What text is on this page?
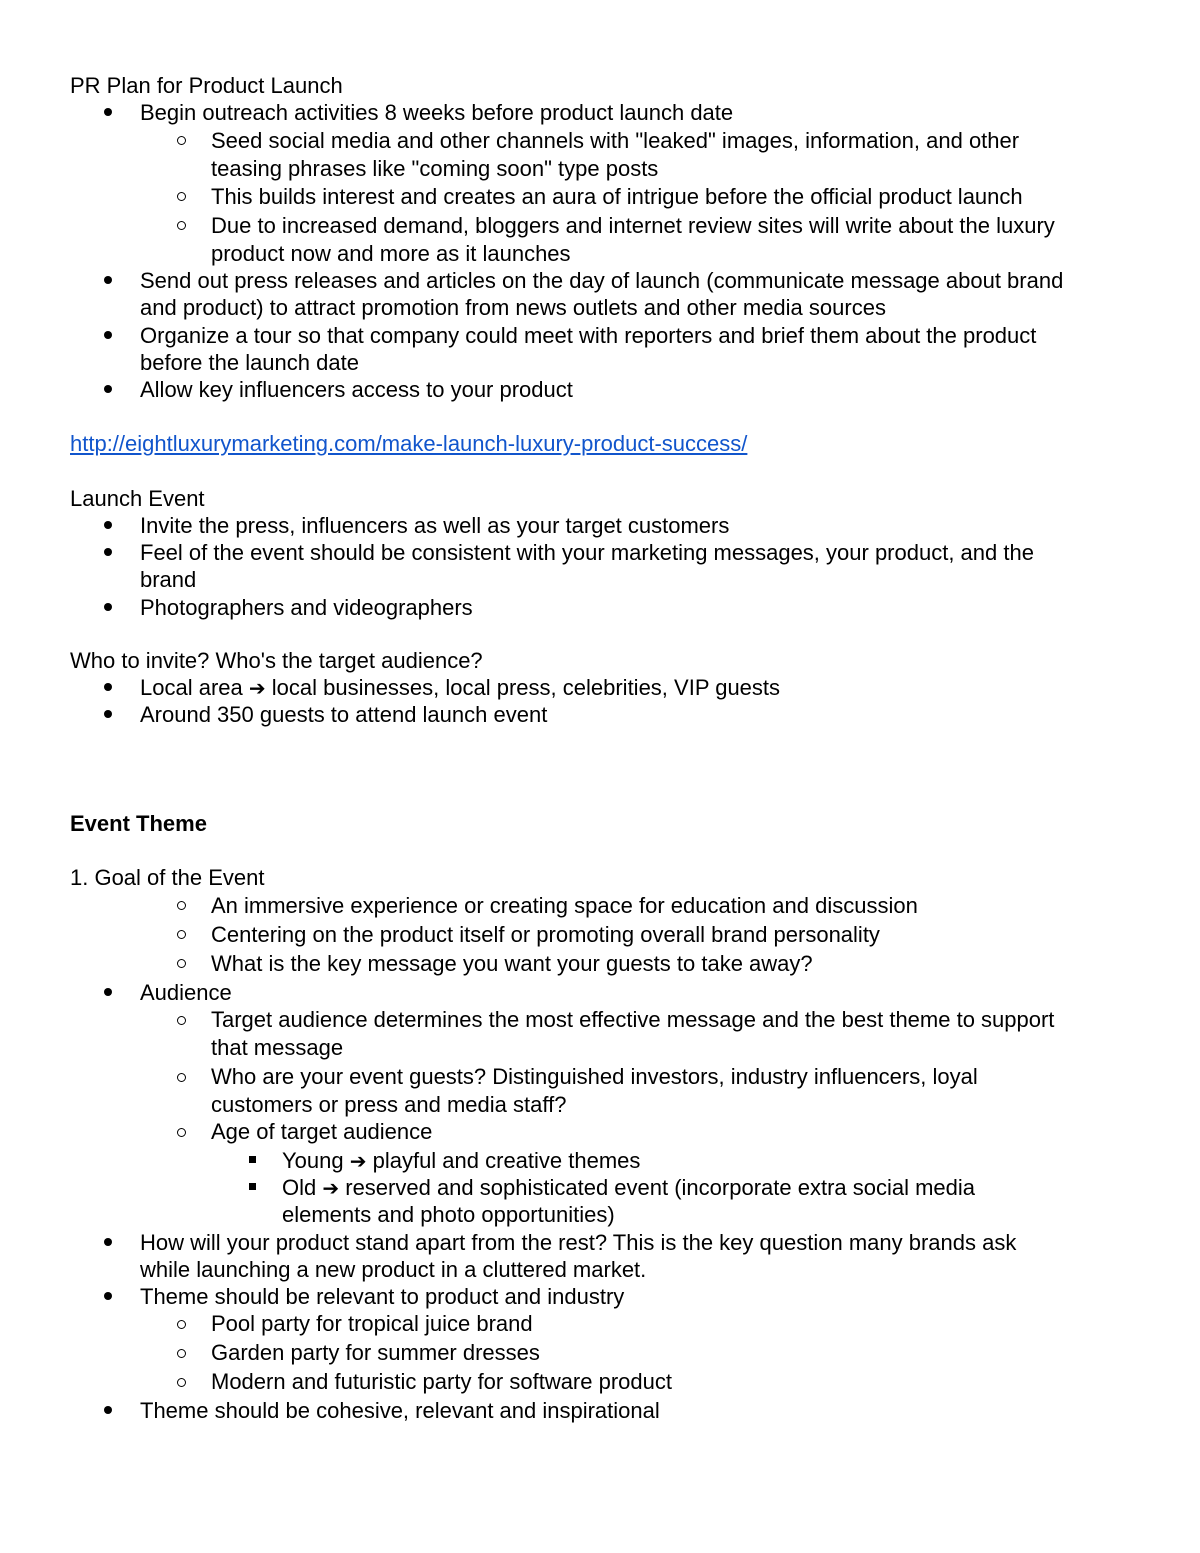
PR Plan for Product Launch
Begin outreach activities 8 weeks before product launch date
Seed social media and other channels with "leaked" images, information, and other
teasing phrases like "coming soon" type posts
This builds interest and creates an aura of intrigue before the official product launch
Due to increased demand, bloggers and internet review sites will write about the luxury
product now and more as it launches
Send out press releases and articles on the day of launch (communicate message about brand
and product) to attract promotion from news outlets and other media sources
Organize a tour so that company could meet with reporters and brief them about the product
before the launch date
Allow key influencers access to your product
http://eightluxurymarketing.com/make-launch-luxury-product-success/
Launch Event
Invite the press, influencers as well as your target customers
Feel of the event should be consistent with your marketing messages, your product, and the
brand
Photographers and videographers
Who to invite? Who's the target audience?
Local area ➔ local businesses, local press, celebrities, VIP guests
Around 350 guests to attend launch event
Event Theme
1. Goal of the Event
An immersive experience or creating space for education and discussion
Centering on the product itself or promoting overall brand personality
What is the key message you want your guests to take away?
Audience
Target audience determines the most effective message and the best theme to support
that message
Who are your event guests? Distinguished investors, industry influencers, loyal
customers or press and media staff?
Age of target audience
Young ➔ playful and creative themes
Old ➔ reserved and sophisticated event (incorporate extra social media
elements and photo opportunities)
How will your product stand apart from the rest? This is the key question many brands ask
while launching a new product in a cluttered market.
Theme should be relevant to product and industry
Pool party for tropical juice brand
Garden party for summer dresses
Modern and futuristic party for software product
Theme should be cohesive, relevant and inspirational
